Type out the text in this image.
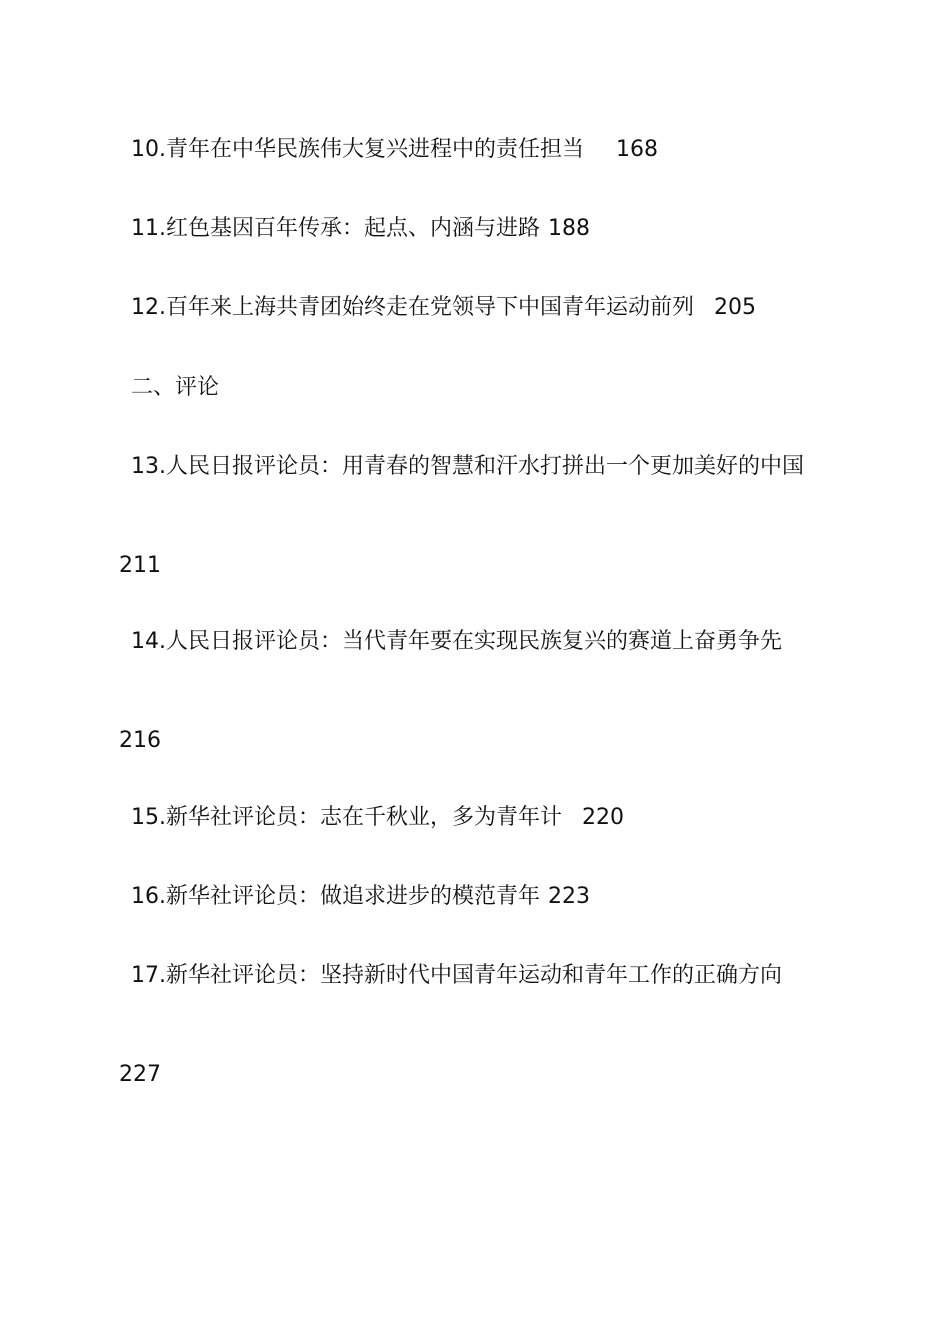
10.青年在中华民族伟大复兴进程中的责任担当 168
11.红色基因百年传承：起点、内涵与进路 188
12.百年来上海共青团始终走在党领导下中国青年运动前列 205
二、评论
13.人民日报评论员：用青春的智慧和汗水打拼出一个更加美好的中国
211
14.人民日报评论员：当代青年要在实现民族复兴的赛道上奋勇争先
216
15.新华社评论员：志在千秋业，多为青年计 220
16.新华社评论员：做追求进步的模范青年 223
17.新华社评论员：坚持新时代中国青年运动和青年工作的正确方向
227
